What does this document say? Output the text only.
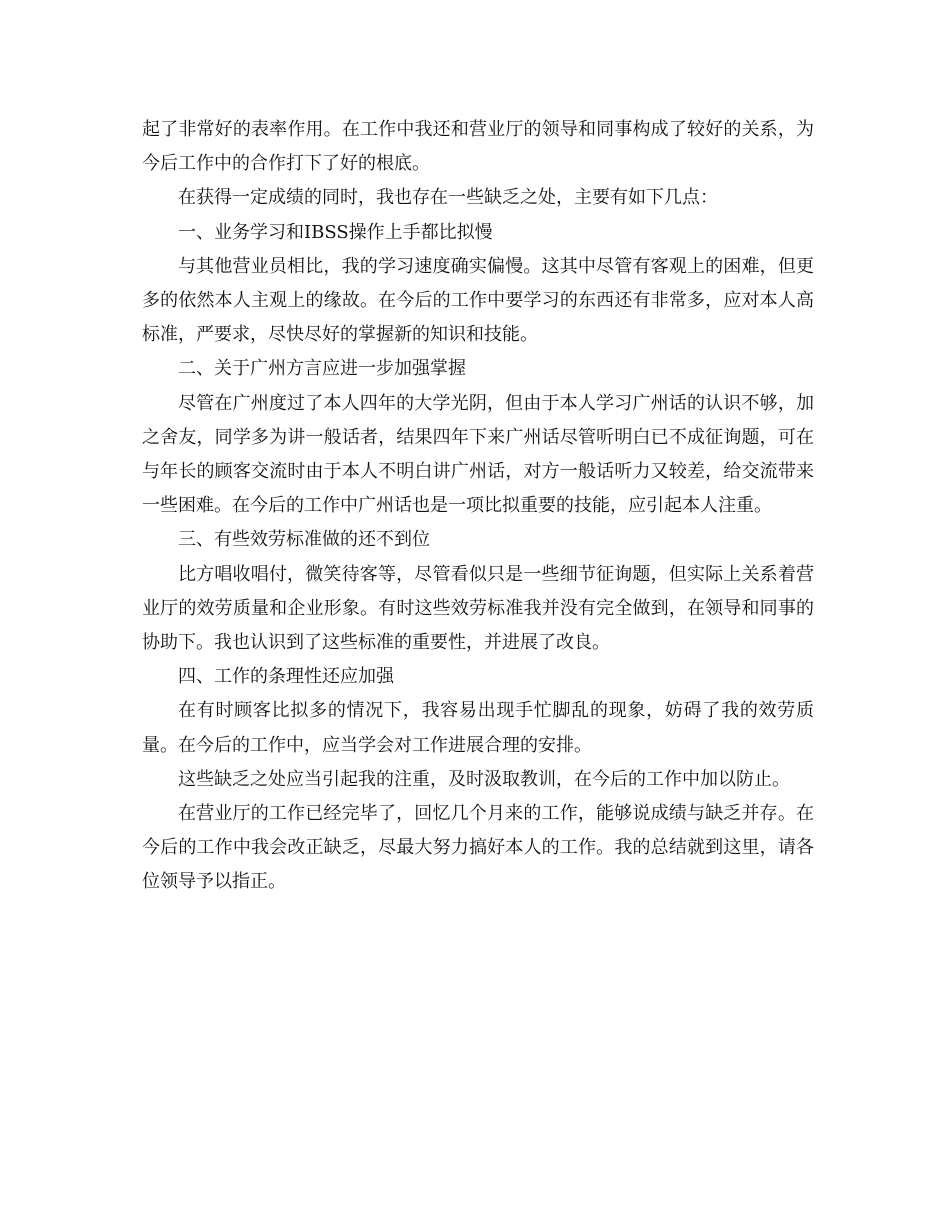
起了非常好的表率作用。在工作中我还和营业厅的领导和同事构成了较好的关系，为今后工作中的合作打下了好的根底。

在获得一定成绩的同时，我也存在一些缺乏之处，主要有如下几点：

一、业务学习和IBSS操作上手都比拟慢

与其他营业员相比，我的学习速度确实偏慢。这其中尽管有客观上的困难，但更多的依然本人主观上的缘故。在今后的工作中要学习的东西还有非常多，应对本人高标准，严要求，尽快尽好的掌握新的知识和技能。

二、关于广州方言应进一步加强掌握

尽管在广州度过了本人四年的大学光阴，但由于本人学习广州话的认识不够，加之舍友，同学多为讲一般话者，结果四年下来广州话尽管听明白已不成征询题，可在与年长的顾客交流时由于本人不明白讲广州话，对方一般话听力又较差，给交流带来一些困难。在今后的工作中广州话也是一项比拟重要的技能，应引起本人注重。

三、有些效劳标准做的还不到位

比方唱收唱付，微笑待客等，尽管看似只是一些细节征询题，但实际上关系着营业厅的效劳质量和企业形象。有时这些效劳标准我并没有完全做到，在领导和同事的协助下。我也认识到了这些标准的重要性，并进展了改良。

四、工作的条理性还应加强

在有时顾客比拟多的情况下，我容易出现手忙脚乱的现象，妨碍了我的效劳质量。在今后的工作中，应当学会对工作进展合理的安排。

这些缺乏之处应当引起我的注重，及时汲取教训，在今后的工作中加以防止。

在营业厅的工作已经完毕了，回忆几个月来的工作，能够说成绩与缺乏并存。在今后的工作中我会改正缺乏，尽最大努力搞好本人的工作。我的总结就到这里，请各位领导予以指正。
